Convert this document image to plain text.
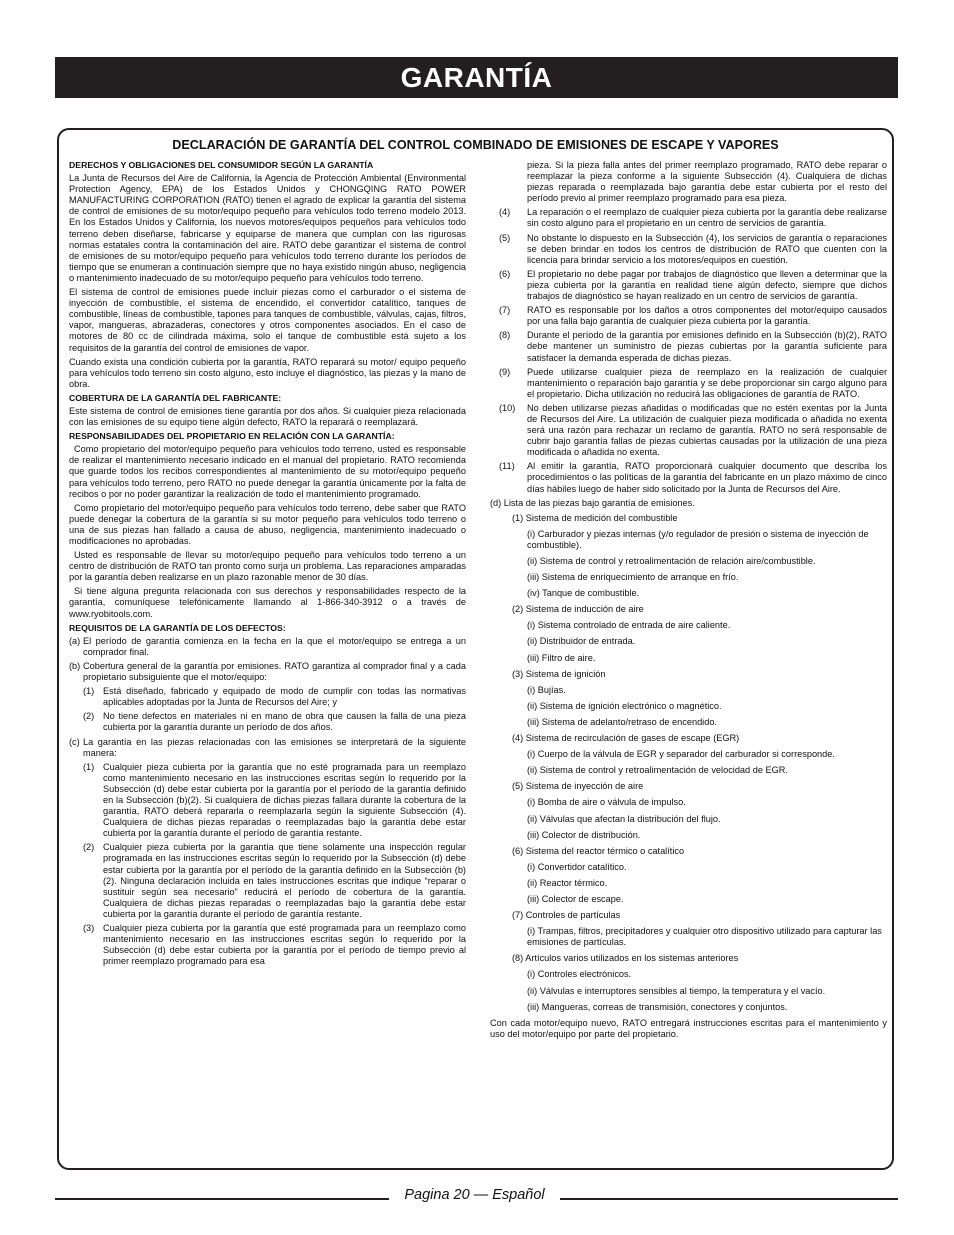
GARANTÍA
DECLARACIÓN DE GARANTÍA DEL CONTROL COMBINADO DE EMISIONES DE ESCAPE Y VAPORES

DERECHOS Y OBLIGACIONES DEL CONSUMIDOR SEGÚN LA GARANTÍA

La Junta de Recursos del Aire de California, la Agencia de Protección Ambiental (Environmental Protection Agency, EPA) de los Estados Unidos y CHONGQING RATO POWER MANUFACTURING CORPORATION (RATO) tienen el agrado de explicar la garantía del sistema de control de emisiones de su motor/equipo pequeño para vehículos todo terreno modelo 2013. En los Estados Unidos y California, los nuevos motores/equipos pequeños para vehículos todo terreno deben diseñarse, fabricarse y equiparse de manera que cumplan con las rigurosas normas estatales contra la contaminación del aire. RATO debe garantizar el sistema de control de emisiones de su motor/equipo pequeño para vehículos todo terreno durante los períodos de tiempo que se enumeran a continuación siempre que no haya existido ningún abuso, negligencia o mantenimiento inadecuado de su motor/equipo pequeño para vehículos todo terreno.

El sistema de control de emisiones puede incluir piezas como el carburador o el sistema de inyección de combustible, el sistema de encendido, el convertidor catalítico, tanques de combustible, líneas de combustible, tapones para tanques de combustible, válvulas, cajas, filtros, vapor, mangueras, abrazaderas, conectores y otros componentes asociados. En el caso de motores de 80 cc de cilindrada máxima, solo el tanque de combustible está sujeto a los requisitos de la garantía del control de emisiones de vapor.

Cuando exista una condición cubierta por la garantía, RATO reparará su motor/ equipo pequeño para vehículos todo terreno sin costo alguno, esto incluye el diagnóstico, las piezas y la mano de obra.

COBERTURA DE LA GARANTÍA DEL FABRICANTE:

Este sistema de control de emisiones tiene garantía por dos años. Si cualquier pieza relacionada con las emisiones de su equipo tiene algún defecto, RATO la reparará o reemplazará.

RESPONSABILIDADES DEL PROPIETARIO EN RELACIÓN CON LA GARANTÍA:

Como propietario del motor/equipo pequeño para vehículos todo terreno, usted es responsable de realizar el mantenimiento necesario indicado en el manual del propietario. RATO recomienda que guarde todos los recibos correspondientes al mantenimiento de su motor/equipo pequeño para vehículos todo terreno, pero RATO no puede denegar la garantía únicamente por la falta de recibos o por no poder garantizar la realización de todo el mantenimiento programado.

Como propietario del motor/equipo pequeño para vehículos todo terreno, debe saber que RATO puede denegar la cobertura de la garantía si su motor pequeño para vehículos todo terreno o una de sus piezas han fallado a causa de abuso, negligencia, mantenimiento inadecuado o modificaciones no aprobadas.

Usted es responsable de llevar su motor/equipo pequeño para vehículos todo terreno a un centro de distribución de RATO tan pronto como surja un problema. Las reparaciones amparadas por la garantía deben realizarse en un plazo razonable menor de 30 días.

Si tiene alguna pregunta relacionada con sus derechos y responsabilidades respecto de la garantía, comuníquese telefónicamente llamando al 1-866-340-3912 o a través de www.ryobitools.com.

REQUISITOS DE LA GARANTÍA DE LOS DEFECTOS:

(a) El período de garantía comienza en la fecha en la que el motor/equipo se entrega a un comprador final.
(b) Cobertura general de la garantía por emisiones. RATO garantiza al comprador final y a cada propietario subsiguiente que el motor/equipo:
(1) Está diseñado, fabricado y equipado de modo de cumplir con todas las normativas aplicables adoptadas por la Junta de Recursos del Aire; y
(2) No tiene defectos en materiales ni en mano de obra que causen la falla de una pieza cubierta por la garantía durante un período de dos años.
(c) La garantía en las piezas relacionadas con las emisiones se interpretará de la siguiente manera:
(1) Cualquier pieza cubierta por la garantía que no esté programada para un reemplazo como mantenimiento necesario en las instrucciones escritas según lo requerido por la Subsección (d) debe estar cubierta por la garantía por el período de la garantía definido en la Subsección (b)(2). Si cualquiera de dichas piezas fallara durante la cobertura de la garantía, RATO deberá repararla o reemplazarla según la siguiente Subsección (4). Cualquiera de dichas piezas reparadas o reemplazadas bajo la garantía debe estar cubierta por la garantía durante el período de garantía restante.
(2) Cualquier pieza cubierta por la garantía que tiene solamente una inspección regular programada en las instrucciones escritas según lo requerido por la Subsección (d) debe estar cubierta por la garantía por el período de la garantía definido en la Subsección (b)(2). Ninguna declaración incluida en tales instrucciones escritas que indique “reparar o sustituir según sea necesario” reducirá el período de cobertura de la garantía. Cualquiera de dichas piezas reparadas o reemplazadas bajo la garantía debe estar cubierta por la garantía durante el período de garantía restante.
(3) Cualquier pieza cubierta por la garantía que esté programada para un reemplazo como mantenimiento necesario en las instrucciones escritas según lo requerido por la Subsección (d) debe estar cubierta por la garantía por el período de tiempo previo al primer reemplazo programado para esa

pieza. Si la pieza falla antes del primer reemplazo programado, RATO debe reparar o reemplazar la pieza conforme a la siguiente Subsección (4). Cualquiera de dichas piezas reparada o reemplazada bajo garantía debe estar cubierta por el resto del período previo al primer reemplazo programado para esa pieza.

(4)	La reparación o el reemplazo de cualquier pieza cubierta por la garantía debe realizarse sin costo alguno para el propietario en un centro de servicios de garantía.
(5)	No obstante lo dispuesto en la Subsección (4), los servicios de garantía o reparaciones se deben brindar en todos los centros de distribución de RATO que cuenten con la licencia para brindar servicio a los motores/equipos en cuestión.
(6)	El propietario no debe pagar por trabajos de diagnóstico que lleven a determinar que la pieza cubierta por la garantía en realidad tiene algún defecto, siempre que dichos trabajos de diagnóstico se hayan realizado en un centro de servicios de garantía.
(7)	RATO es responsable por los daños a otros componentes del motor/equipo causados por una falla bajo garantía de cualquier pieza cubierta por la garantía.
(8)	Durante el período de la garantía por emisiones definido en la Subsección (b)(2), RATO debe mantener un suministro de piezas cubiertas por la garantía suficiente para satisfacer la demanda esperada de dichas piezas.
(9)	Puede utilizarse cualquier pieza de reemplazo en la realización de cualquier mantenimiento o reparación bajo garantía y se debe proporcionar sin cargo alguno para el propietario. Dicha utilización no reducirá las obligaciones de garantía de RATO.
(10)	No deben utilizarse piezas añadidas o modificadas que no estén exentas por la Junta de Recursos del Aire. La utilización de cualquier pieza modificada o añadida no exenta será una razón para rechazar un reclamo de garantía. RATO no será responsable de cubrir bajo garantía fallas de piezas cubiertas causadas por la utilización de una pieza modificada o añadida no exenta.
(11)	Al emitir la garantía, RATO proporcionará cualquier documento que describa los procedimientos o las políticas de la garantía del fabricante en un plazo máximo de cinco días hábiles luego de haber sido solicitado por la Junta de Recursos del Aire.

(d) Lista de las piezas bajo garantía de emisiones.

(1) Sistema de medición del combustible
(i) Carburador y piezas internas (y/o regulador de presión o sistema de inyección de combustible).
(ii) Sistema de control y retroalimentación de relación aire/combustible.
(iii) Sistema de enriquecimiento de arranque en frío.
(iv) Tanque de combustible.
(2) Sistema de inducción de aire
(i) Sistema controlado de entrada de aire caliente.
(ii) Distribuidor de entrada.
(iii) Filtro de aire.
(3) Sistema de ignición
(i) Bujías.
(ii) Sistema de ignición electrónico o magnético.
(iii) Sistema de adelanto/retraso de encendido.
(4) Sistema de recirculación de gases de escape (EGR)
(i) Cuerpo de la válvula de EGR y separador del carburador si corresponde.
(ii) Sistema de control y retroalimentación de velocidad de EGR.
(5) Sistema de inyección de aire
(i) Bomba de aire o válvula de impulso.
(ii) Válvulas que afectan la distribución del flujo.
(iii) Colector de distribución.
(6) Sistema del reactor térmico o catalítico
(i) Convertidor catalítico.
(ii) Reactor térmico.
(iii) Colector de escape.
(7) Controles de partículas
(i) Trampas, filtros, precipitadores y cualquier otro dispositivo utilizado para capturar las emisiones de partículas.
(8) Artículos varios utilizados en los sistemas anteriores
(i) Controles electrónicos.
(ii) Válvulas e interruptores sensibles al tiempo, la temperatura y el vacío.
(iii) Mangueras, correas de transmisión, conectores y conjuntos.

Con cada motor/equipo nuevo, RATO entregará instrucciones escritas para el mantenimiento y uso del motor/equipo por parte del propietario.

Pagina 20 — Español
